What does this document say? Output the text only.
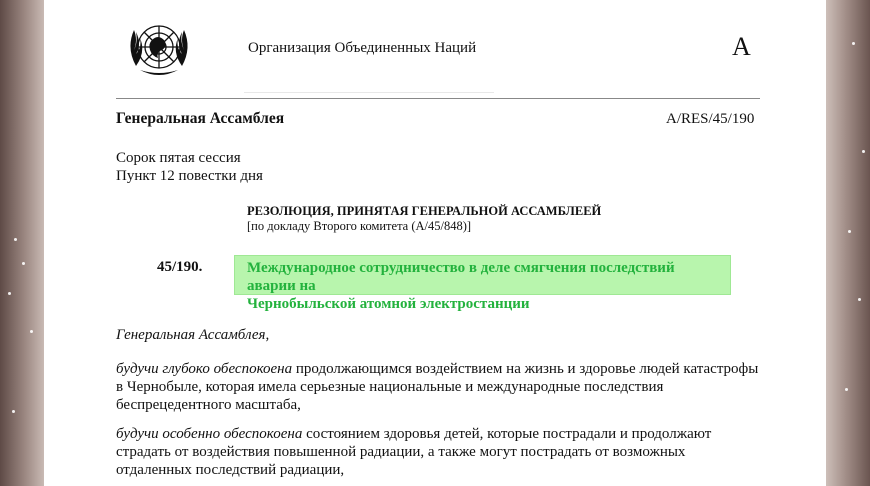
Организация Объединенных Наций	A
Генеральная Ассамблея	A/RES/45/190
Сорок пятая сессия
Пункт 12 повестки дня
РЕЗОЛЮЦИЯ, ПРИНЯТАЯ ГЕНЕРАЛЬНОЙ АССАМБЛЕЕЙ
[по докладу Второго комитета (A/45/848)]
45/190.	Международное сотрудничество в деле смягчения последствий аварии на
Чернобыльской атомной электростанции
Генеральная Ассамблея,
будучи глубоко обеспокоена продолжающимся воздействием на жизнь и здоровье людей катастрофы
в Чернобыле, которая имела серьезные национальные и международные последствия
беспрецедентного масштаба,
будучи особенно обеспокоена состоянием здоровья детей, которые пострадали и продолжают
страдать от воздействия повышенной радиации, а также могут пострадать от возможных
отдаленных последствий радиации,
